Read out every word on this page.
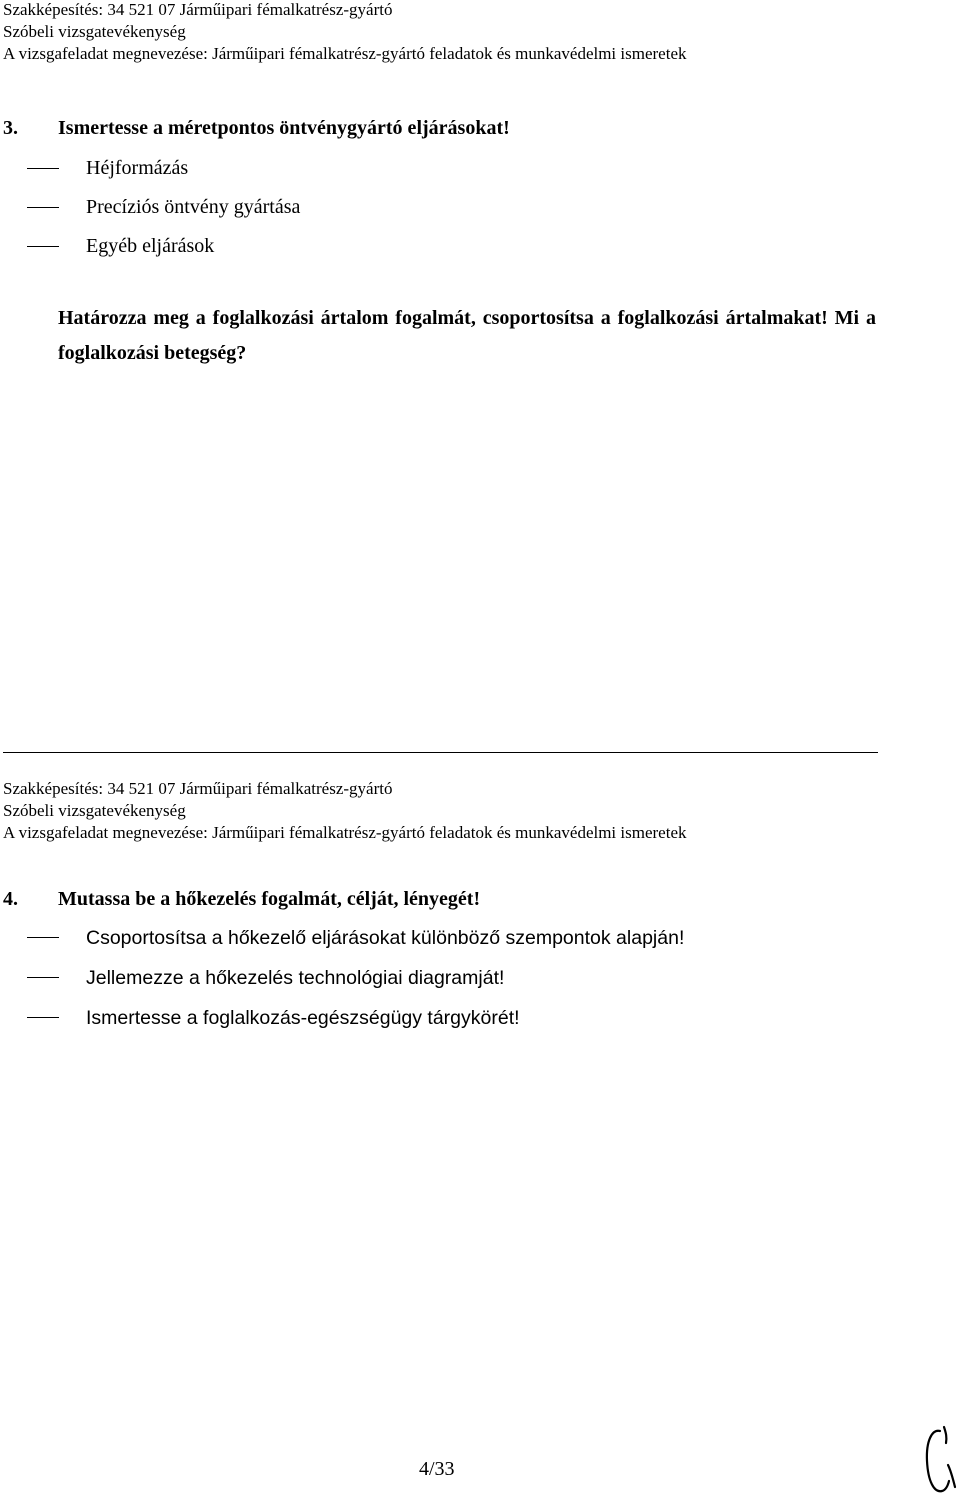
Szakképesítés: 34 521 07 Járműipari fémalkatrész-gyártó
Szóbeli vizsgatevékenység
A vizsgafeladat megnevezése: Járműipari fémalkatrész-gyártó feladatok és munkavédelmi ismeretek
3. Ismertesse a méretpontos öntvénygyártó eljárásokat!
Héjformázás
Precíziós öntvény gyártása
Egyéb eljárások
Határozza meg a foglalkozási ártalom fogalmát, csoportosítsa a foglalkozási ártalmakat! Mi a foglalkozási betegség?
Szakképesítés: 34 521 07 Járműipari fémalkatrész-gyártó
Szóbeli vizsgatevékenység
A vizsgafeladat megnevezése: Járműipari fémalkatrész-gyártó feladatok és munkavédelmi ismeretek
4. Mutassa be a hőkezelés fogalmát, célját, lényegét!
Csoportosítsa a hőkezelő eljárásokat különböző szempontok alapján!
Jellemezze a hőkezelés technológiai diagramját!
Ismertesse a foglalkozás-egészségügy tárgykörét!
4/33
